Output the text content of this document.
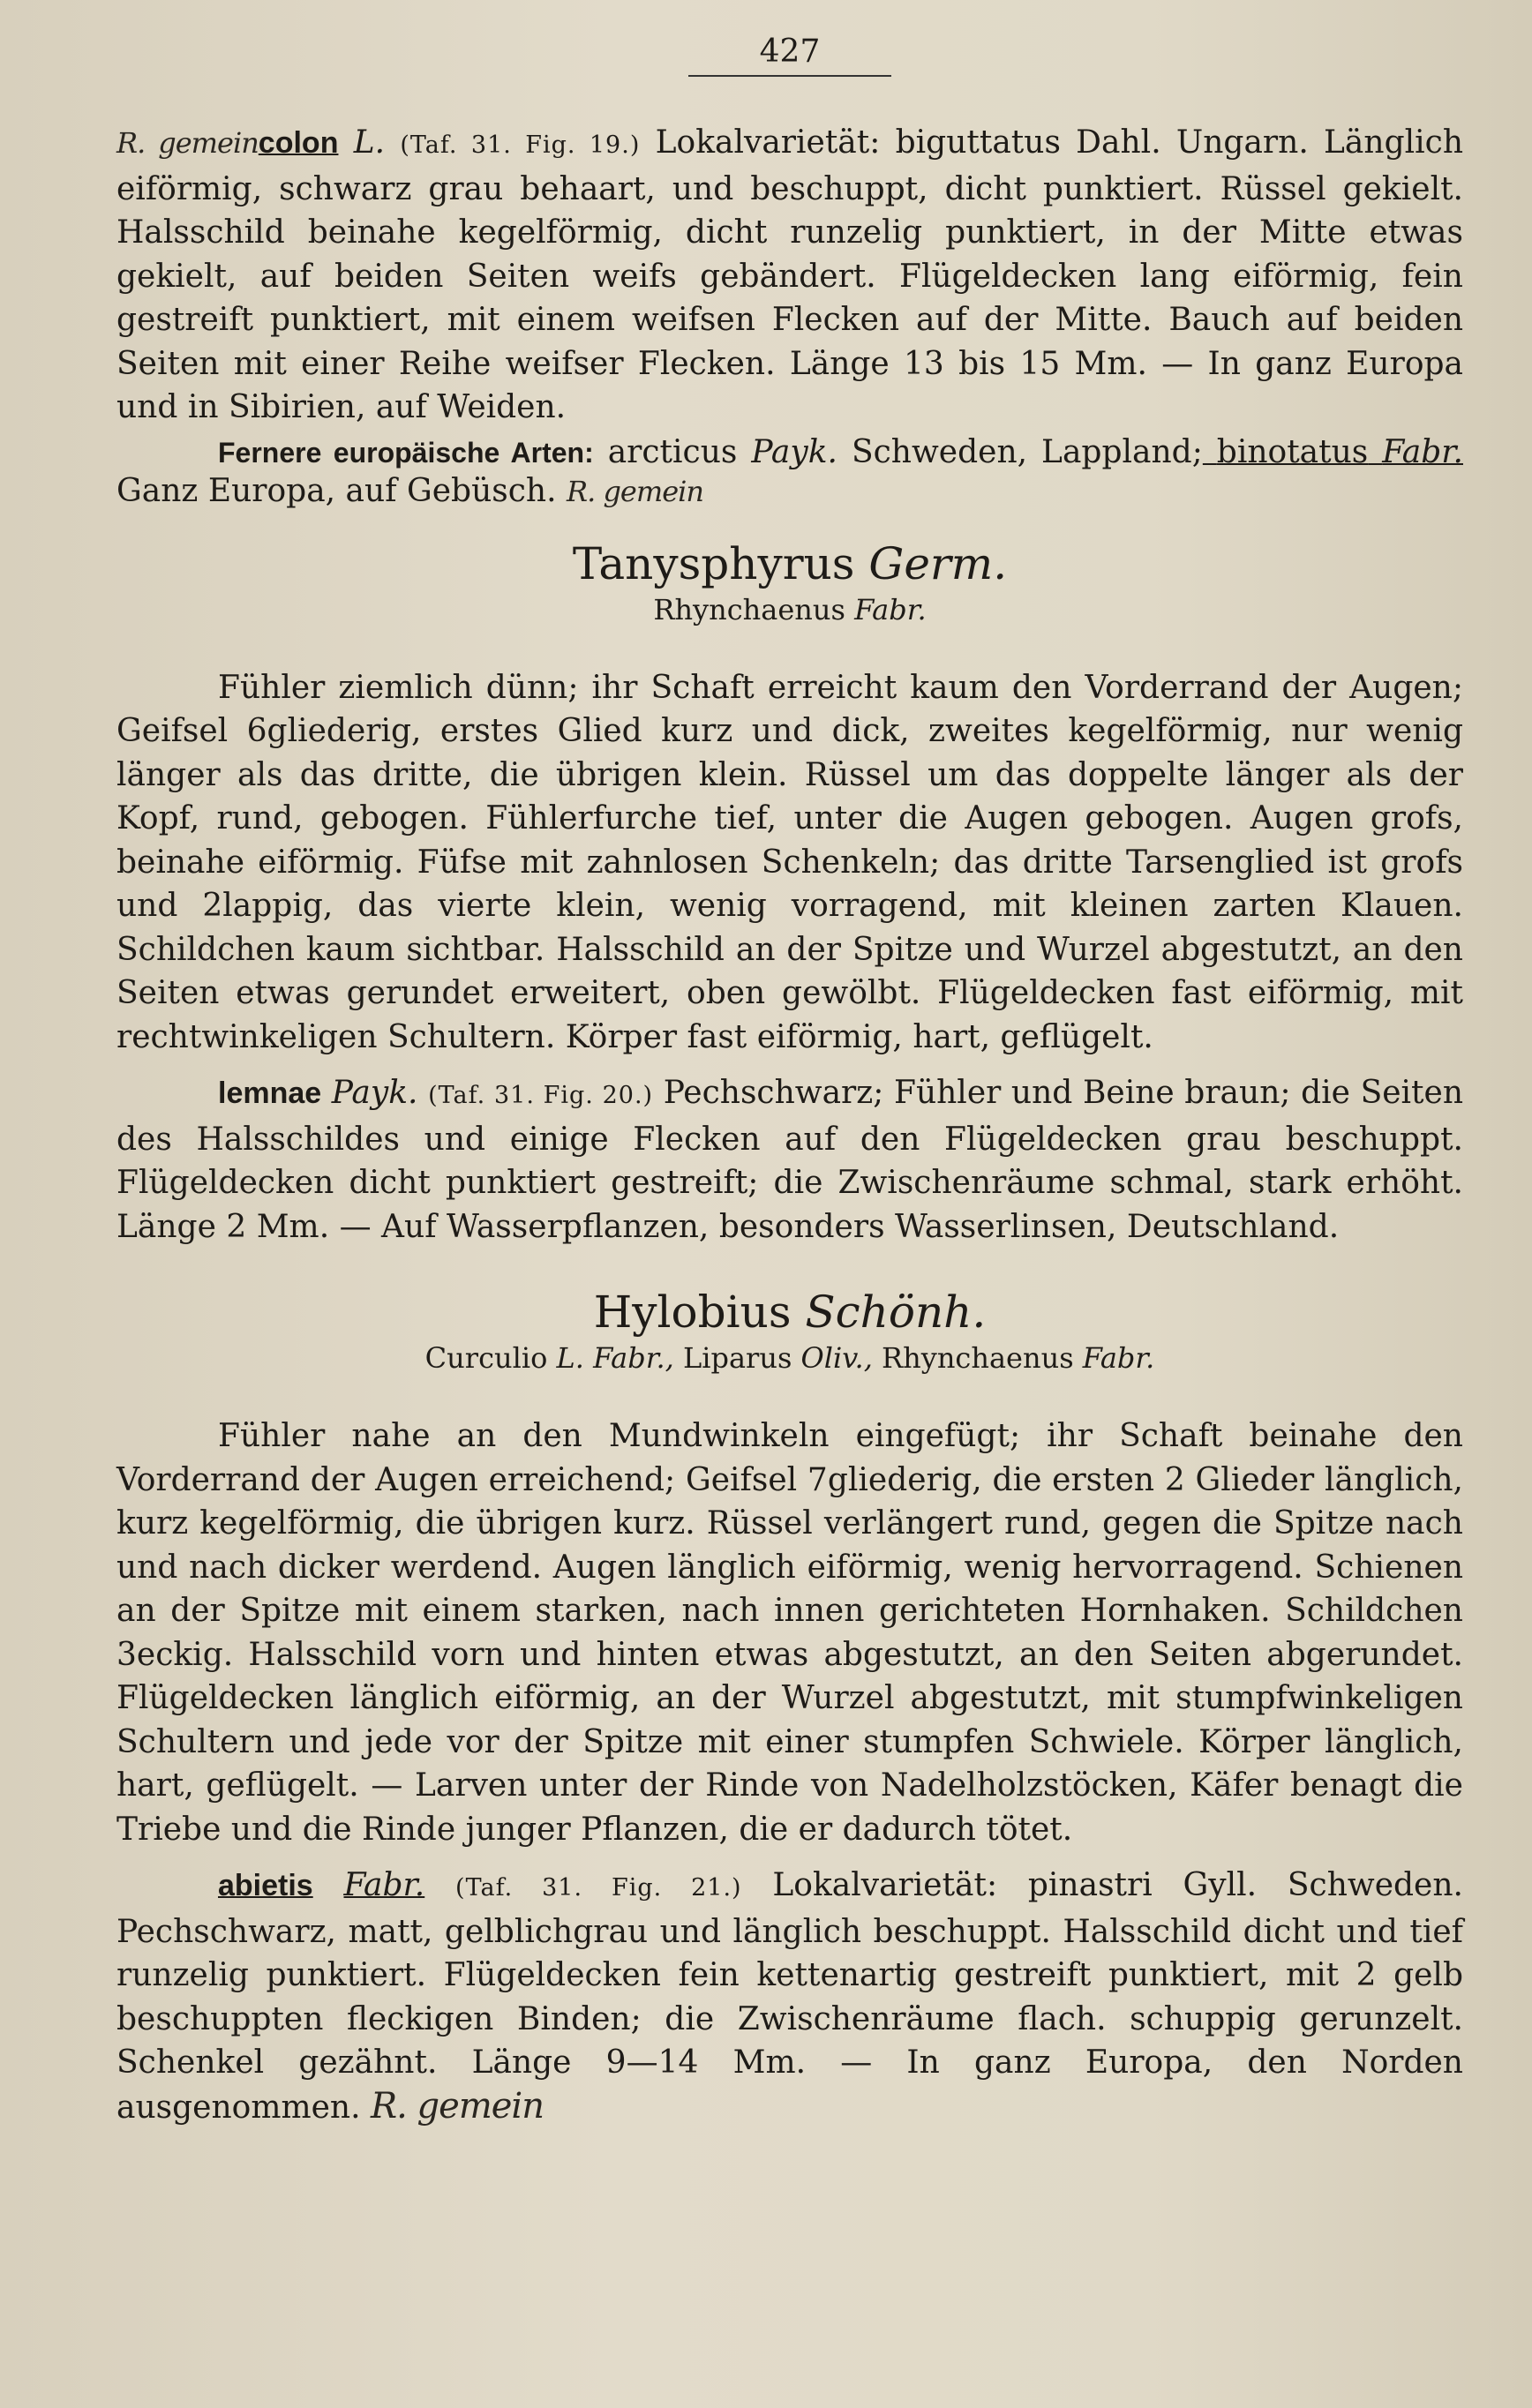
427

R. gemeincolon L. (Taf. 31. Fig. 19.) Lokalvarietät: biguttatus Dahl. Ungarn. Länglich eiförmig, schwarz grau behaart, und beschuppt, dicht punktiert. Rüssel gekielt. Halsschild beinahe kegelförmig, dicht runzelig punktiert, in der Mitte etwas gekielt, auf beiden Seiten weifs gebändert. Flügeldecken lang eiförmig, fein gestreift punktiert, mit einem weifsen Flecken auf der Mitte. Bauch auf beiden Seiten mit einer Reihe weifser Flecken. Länge 13 bis 15 Mm. — In ganz Europa und in Sibirien, auf Weiden.

Fernere europäische Arten: arcticus Payk. Schweden, Lappland; binotatus Fabr. Ganz Europa, auf Gebüsch. R. gemein

Tanysphyrus Germ.

Rhynchaenus Fabr.

Fühler ziemlich dünn; ihr Schaft erreicht kaum den Vorderrand der Augen; Geifsel 6gliederig, erstes Glied kurz und dick, zweites kegelförmig, nur wenig länger als das dritte, die übrigen klein. Rüssel um das doppelte länger als der Kopf, rund, gebogen. Fühlerfurche tief, unter die Augen gebogen. Augen grofs, beinahe eiförmig. Füfse mit zahnlosen Schenkeln; das dritte Tarsenglied ist grofs und 2lappig, das vierte klein, wenig vorragend, mit kleinen zarten Klauen. Schildchen kaum sichtbar. Halsschild an der Spitze und Wurzel abgestutzt, an den Seiten etwas gerundet erweitert, oben gewölbt. Flügeldecken fast eiförmig, mit rechtwinkeligen Schultern. Körper fast eiförmig, hart, geflügelt.

lemnae Payk. (Taf. 31. Fig. 20.) Pechschwarz; Fühler und Beine braun; die Seiten des Halsschildes und einige Flecken auf den Flügeldecken grau beschuppt. Flügeldecken dicht punktiert gestreift; die Zwischenräume schmal, stark erhöht. Länge 2 Mm. — Auf Wasserpflanzen, besonders Wasserlinsen, Deutschland.

Hylobius Schönh.

Curculio L. Fabr., Liparus Oliv., Rhynchaenus Fabr.

Fühler nahe an den Mundwinkeln eingefügt; ihr Schaft beinahe den Vorderrand der Augen erreichend; Geifsel 7gliederig, die ersten 2 Glieder länglich, kurz kegelförmig, die übrigen kurz. Rüssel verlängert rund, gegen die Spitze nach und nach dicker werdend. Augen länglich eiförmig, wenig hervorragend. Schienen an der Spitze mit einem starken, nach innen gerichteten Hornhaken. Schildchen 3eckig. Halsschild vorn und hinten etwas abgestutzt, an den Seiten abgerundet. Flügeldecken länglich eiförmig, an der Wurzel abgestutzt, mit stumpfwinkeligen Schultern und jede vor der Spitze mit einer stumpfen Schwiele. Körper länglich, hart, geflügelt. — Larven unter der Rinde von Nadelholzstöcken, Käfer benagt die Triebe und die Rinde junger Pflanzen, die er dadurch tötet.

abietis Fabr. (Taf. 31. Fig. 21.) Lokalvarietät: pinastri Gyll. Schweden. Pechschwarz, matt, gelblichgrau und länglich beschuppt. Halsschild dicht und tief runzelig punktiert. Flügeldecken fein kettenartig gestreift punktiert, mit 2 gelb beschuppten fleckigen Binden; die Zwischenräume flach. schuppig gerunzelt. Schenkel gezähnt. Länge 9—14 Mm. — In ganz Europa, den Norden ausgenommen. R. gemein
